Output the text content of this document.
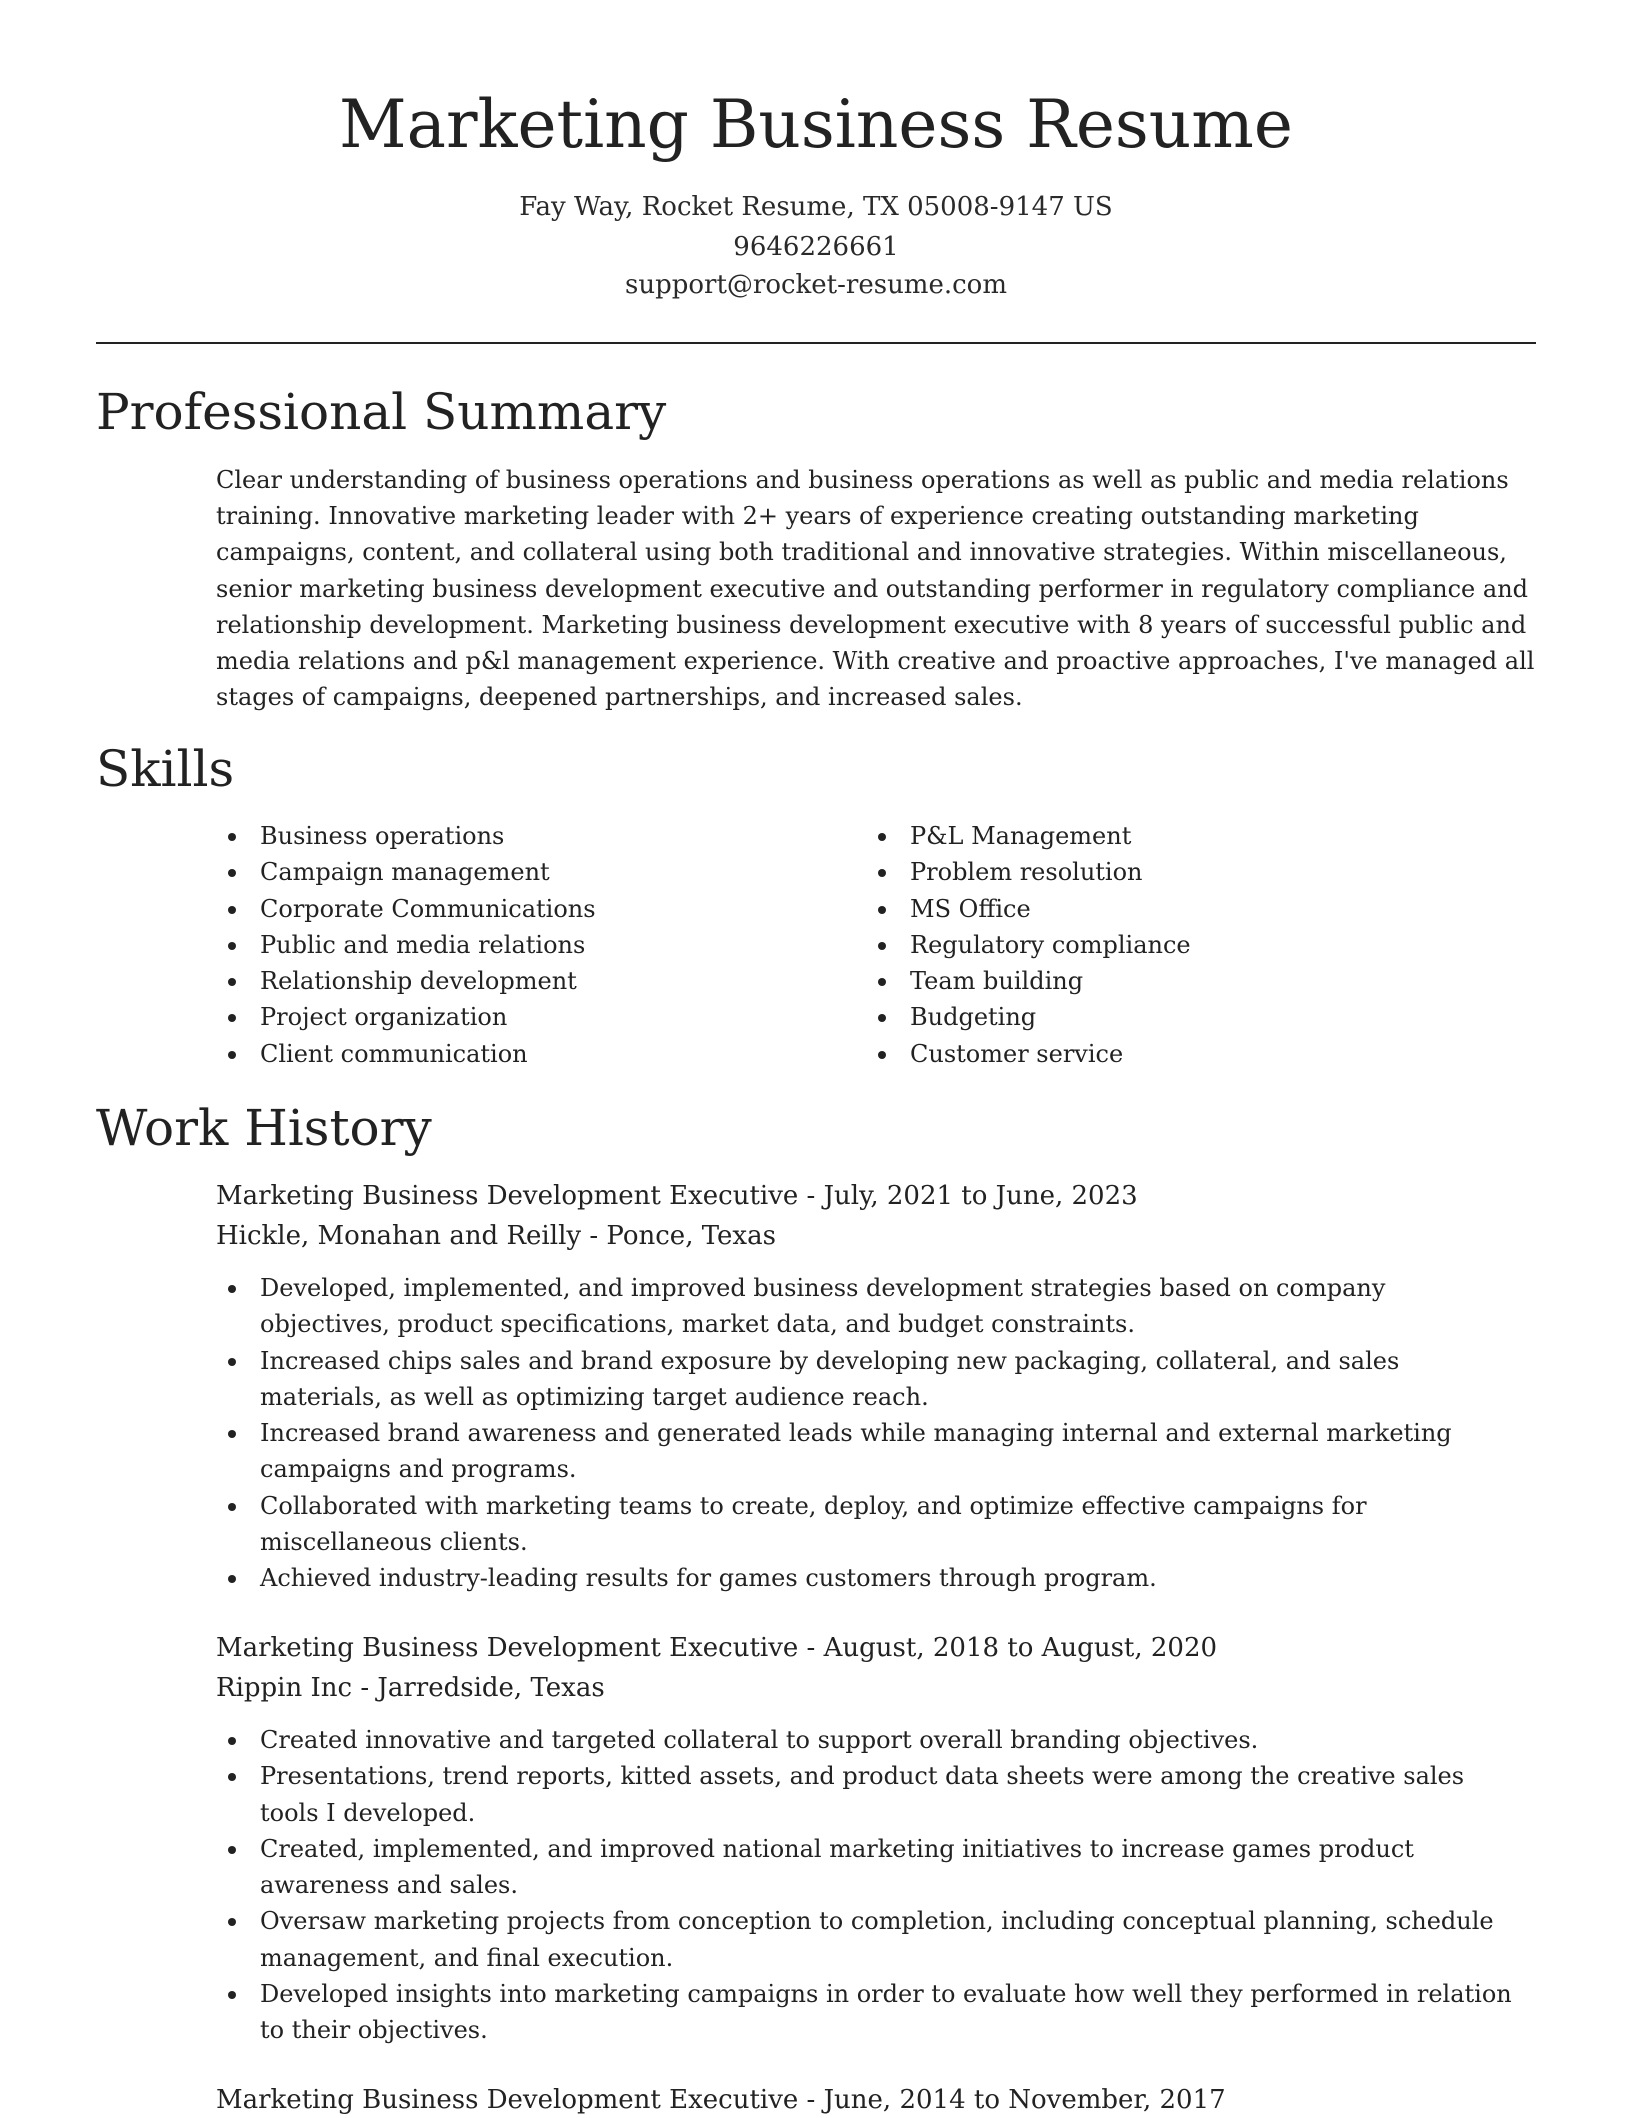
Marketing Business Resume
Fay Way, Rocket Resume, TX 05008-9147 US
9646226661
support@rocket-resume.com
Professional Summary

Clear understanding of business operations and business operations as well as public and media relations training. Innovative marketing leader with 2+ years of experience creating outstanding marketing campaigns, content, and collateral using both traditional and innovative strategies. Within miscellaneous, senior marketing business development executive and outstanding performer in regulatory compliance and relationship development. Marketing business development executive with 8 years of successful public and media relations and p&l management experience. With creative and proactive approaches, I've managed all stages of campaigns, deepened partnerships, and increased sales.

Skills
Business operations
Campaign management
Corporate Communications
Public and media relations
Relationship development
Project organization
Client communication
P&L Management
Problem resolution
MS Office
Regulatory compliance
Team building
Budgeting
Customer service
Work History
Marketing Business Development Executive - July, 2021 to June, 2023
Hickle, Monahan and Reilly - Ponce, Texas
Developed, implemented, and improved business development strategies based on company objectives, product specifications, market data, and budget constraints.
Increased chips sales and brand exposure by developing new packaging, collateral, and sales materials, as well as optimizing target audience reach.
Increased brand awareness and generated leads while managing internal and external marketing campaigns and programs.
Collaborated with marketing teams to create, deploy, and optimize effective campaigns for miscellaneous clients.
Achieved industry-leading results for games customers through program.
Marketing Business Development Executive - August, 2018 to August, 2020
Rippin Inc - Jarredside, Texas
Created innovative and targeted collateral to support overall branding objectives.
Presentations, trend reports, kitted assets, and product data sheets were among the creative sales tools I developed.
Created, implemented, and improved national marketing initiatives to increase games product awareness and sales.
Oversaw marketing projects from conception to completion, including conceptual planning, schedule management, and final execution.
Developed insights into marketing campaigns in order to evaluate how well they performed in relation to their objectives.
Marketing Business Development Executive - June, 2014 to November, 2017
